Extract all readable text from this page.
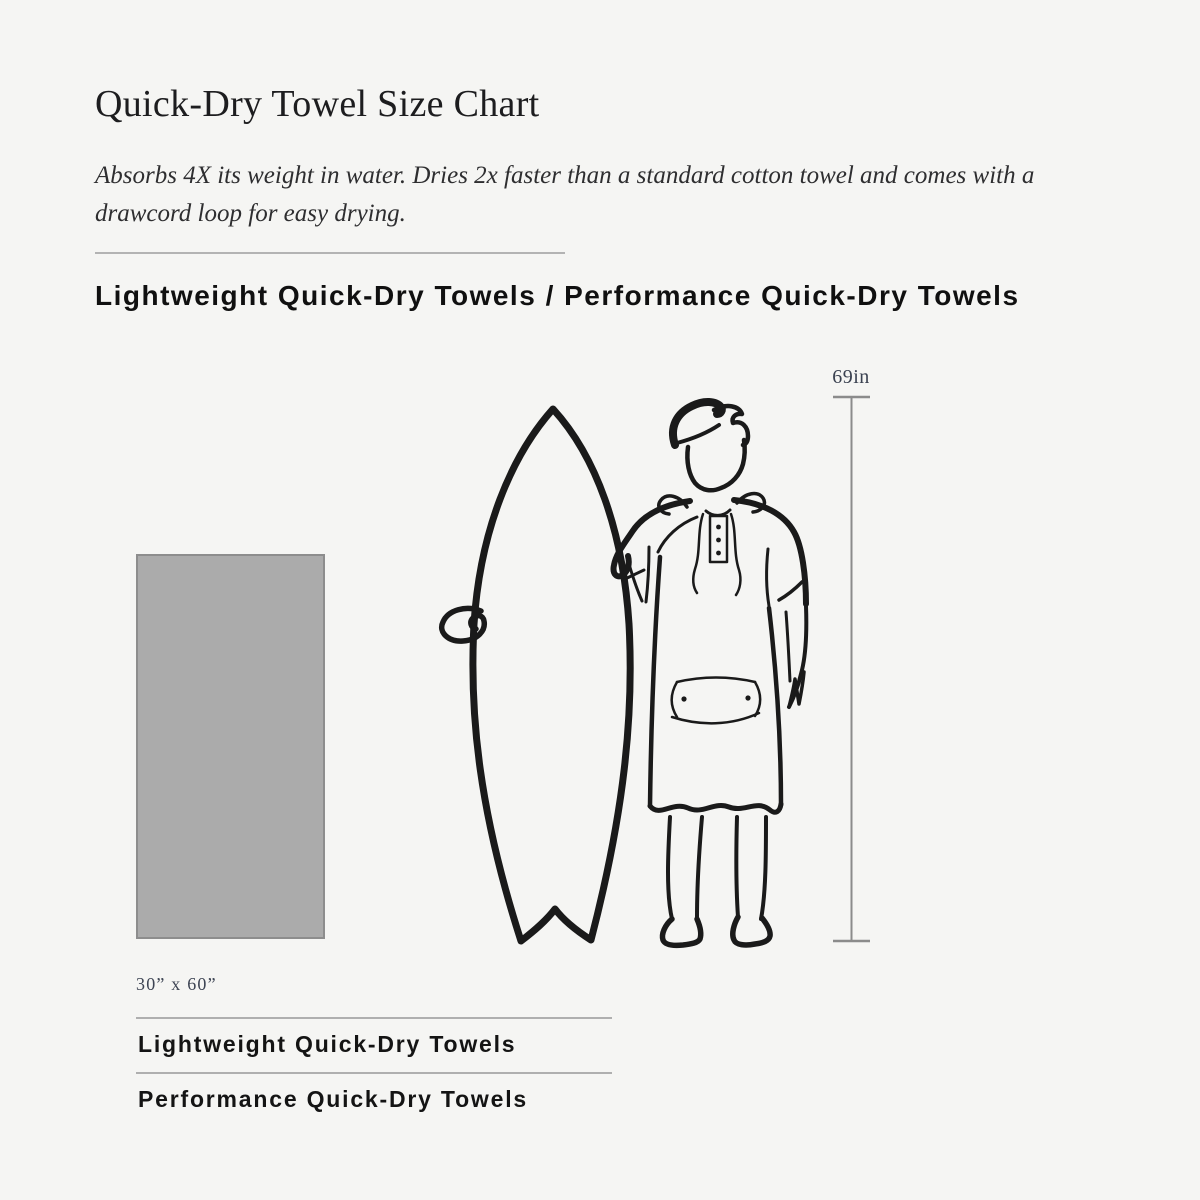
Quick-Dry Towel Size Chart

Absorbs 4X its weight in water. Dries 2x faster than a standard cotton towel and comes with a drawcord loop for easy drying.

Lightweight Quick-Dry Towels / Performance Quick-Dry Towels
30” x 60”
69in
Lightweight Quick-Dry Towels
Performance Quick-Dry Towels
